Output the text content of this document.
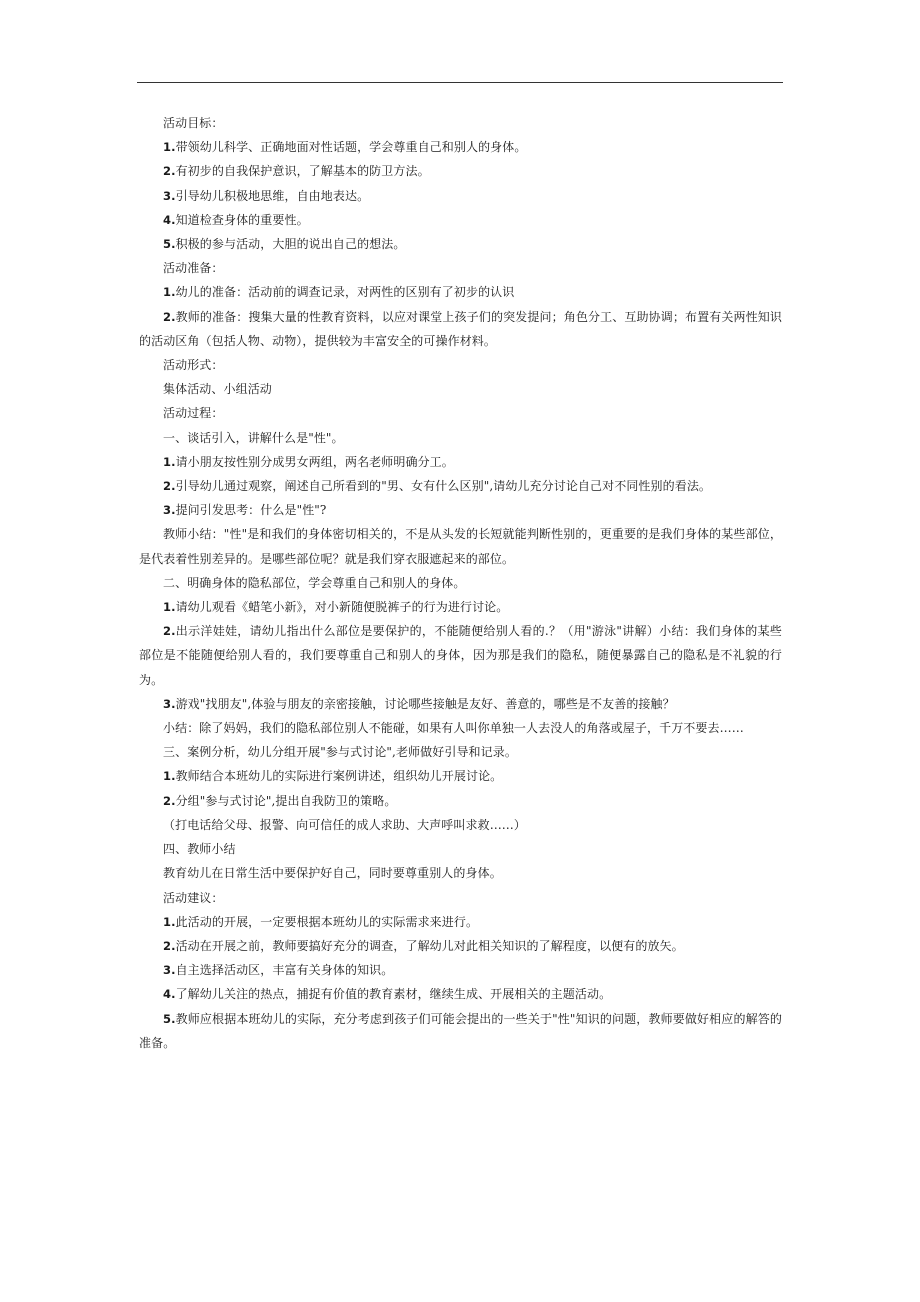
活动目标：

1.带领幼儿科学、正确地面对性话题，学会尊重自己和别人的身体。

2.有初步的自我保护意识，了解基本的防卫方法。

3.引导幼儿积极地思维，自由地表达。

4.知道检查身体的重要性。

5.积极的参与活动，大胆的说出自己的想法。

活动准备：

1.幼儿的准备：活动前的调查记录，对两性的区别有了初步的认识

2.教师的准备：搜集大量的性教育资料，以应对课堂上孩子们的突发提问；角色分工、互助协调；布置有关两性知识的活动区角（包括人物、动物），提供较为丰富安全的可操作材料。

活动形式：

集体活动、小组活动

活动过程：

一、谈话引入，讲解什么是"性"。

1.请小朋友按性别分成男女两组，两名老师明确分工。

2.引导幼儿通过观察，阐述自己所看到的"男、女有什么区别",请幼儿充分讨论自己对不同性别的看法。

3.提问引发思考：什么是"性"?

教师小结："性"是和我们的身体密切相关的，不是从头发的长短就能判断性别的，更重要的是我们身体的某些部位，是代表着性别差异的。是哪些部位呢？就是我们穿衣服遮起来的部位。

二、明确身体的隐私部位，学会尊重自己和别人的身体。

1.请幼儿观看《蜡笔小新》，对小新随便脱裤子的行为进行讨论。

2.出示洋娃娃，请幼儿指出什么部位是要保护的，不能随便给别人看的.？（用"游泳"讲解）小结：我们身体的某些部位是不能随便给别人看的，我们要尊重自己和别人的身体，因为那是我们的隐私，随便暴露自己的隐私是不礼貌的行为。

3.游戏"找朋友",体验与朋友的亲密接触，讨论哪些接触是友好、善意的，哪些是不友善的接触？

小结：除了妈妈，我们的隐私部位别人不能碰，如果有人叫你单独一人去没人的角落或屋子，千万不要去……

三、案例分析，幼儿分组开展"参与式讨论",老师做好引导和记录。

1.教师结合本班幼儿的实际进行案例讲述，组织幼儿开展讨论。

2.分组"参与式讨论",提出自我防卫的策略。

（打电话给父母、报警、向可信任的成人求助、大声呼叫求救……）

四、教师小结

教育幼儿在日常生活中要保护好自己，同时要尊重别人的身体。

活动建议：

1.此活动的开展，一定要根据本班幼儿的实际需求来进行。

2.活动在开展之前，教师要搞好充分的调查，了解幼儿对此相关知识的了解程度，以便有的放矢。

3.自主选择活动区，丰富有关身体的知识。

4.了解幼儿关注的热点，捕捉有价值的教育素材，继续生成、开展相关的主题活动。

5.教师应根据本班幼儿的实际，充分考虑到孩子们可能会提出的一些关于"性"知识的问题，教师要做好相应的解答的准备。
